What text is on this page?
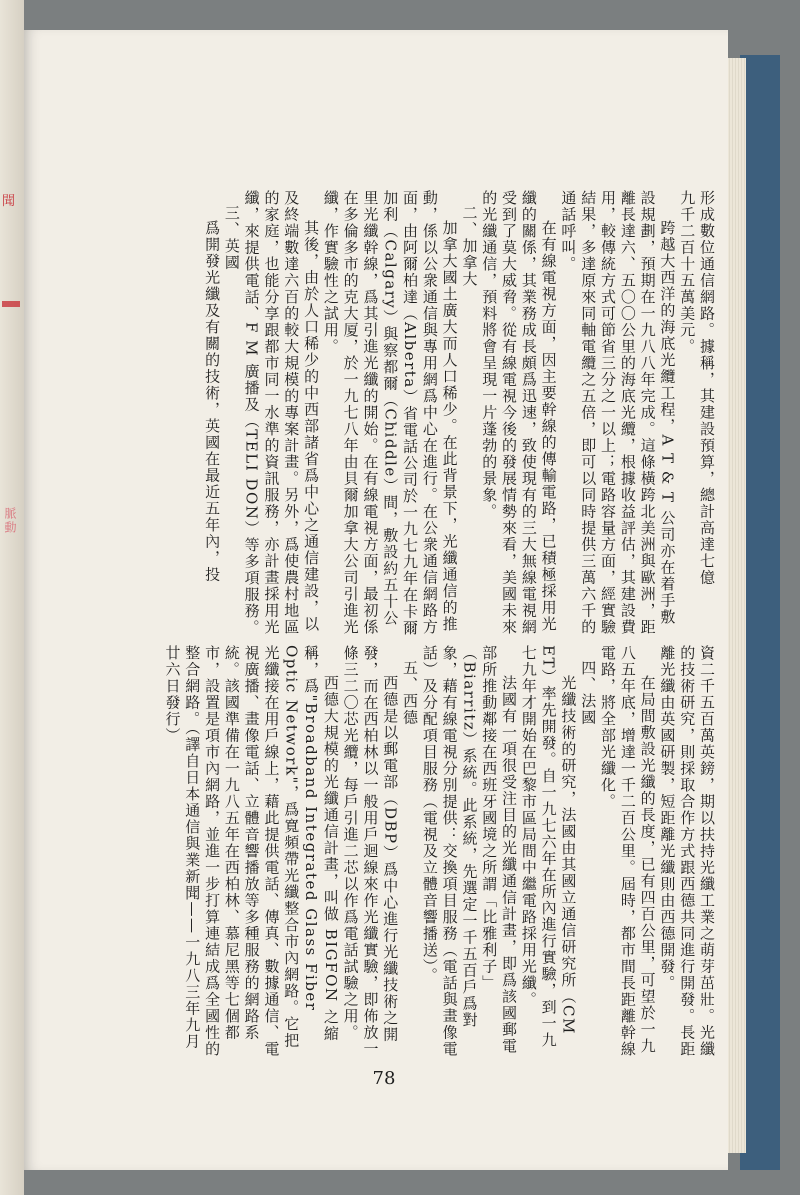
聞
脈動	形成數位通信網路。據稱，其建設預算，總計高達七億

九千二百十五萬美元。

跨越大西洋的海底光纜工程，A T & T 公司亦在着手敷設規劃，預期在一九八八年完成。這條橫跨北美洲與歐洲，距離長達六、五〇〇公里的海底光纜，根據收益評估，其建設費用，較傳統方式可節省三分之一以上；電路容量方面，經實驗結果，多達原來同軸電纜之五倍，即可以同時提供三萬六千的通話呼叫。

在有線電視方面，因主要幹線的傳輸電路，已積極採用光纖的關係，其業務成長頗爲迅速，致使現有的三大無線電視網受到了莫大威脅。從有線電視今後的發展情勢來看，美國未來的光纖通信，預料將會呈現一片蓬勃的景象。

二、加拿大

加拿大國土廣大而人口稀少。在此背景下，光纖通信的推動，係以公衆通信與專用網爲中心在進行。在公衆通信網路方面，由阿爾柏達（Alberta）省電話公司於一九七九年在卡爾加利（Calgary）與察都爾（Chiddle）間，敷設約五十公里光纖幹線，爲其引進光纖的開始。在有線電視方面，最初係在多倫多市的克大厦，於一九七八年由貝爾加拿大公司引進光纖，作實驗性之試用。

其後，由於人口稀少的中西部諸省爲中心之通信建設，以及終端數達六百的較大規模的專案計畫。另外，爲使農村地區的家庭，也能分享跟都市同一水準的資訊服務，亦計畫採用光纖，來提供電話、F M 廣播及（TELI DON）等多項服務。

三、英國

爲開發光纖及有關的技術，英國在最近五年內，投

資二千五百萬英鎊，期以扶持光纖工業之萌芽茁壯。光纖的技術研究，則採取合作方式跟西德共同進行開發。長距離光纖由英國研製，短距離光纖則由西德開發。

在局間敷設光纖的長度，已有四百公里，可望於一九八五年底，增達一千二百公里。屆時，都市間長距離幹線電路，將全部光纖化。

四、法國

光纖技術的研究，法國由其國立通信研究所（CM ET）率先開發。自一九七六年在所內進行實驗，到一九七九年才開始在巴黎市區局間中繼電路採用光纖。

法國有一項很受注目的光纖通信計畫，即爲該國郵電部所推動鄰接在西班牙國境之所謂「比雅利子」（Biarritz）系統。此系統，先選定一千五百戶爲對象，藉有線電視分別提供：交換項目服務（電話與畫像電話）及分配項目服務（電視及立體音響播送）。

五、西德

西德是以郵電部（DBP）爲中心進行光纖技術之開發，而在西柏林以一般用戶迴線來作光纖實驗，即佈放一條三二〇芯光纜，每戶引進二芯以作爲電話試驗之用。

西德大規模的光纖通信計畫，叫做 BIGFON 之縮稱，爲"Broadband Integrated Glass Fiber Optic Network"，爲寬頻帶光纖整合市內網路。它把光纖接在用戶線上，藉此提供電話、傳真、數據通信、電視廣播、畫像電話、立體音響播放等多種服務的網路系統。該國準備在一九八五年在西柏林、慕尼黑等七個都市，設置是項市內網路，並進一步打算連結成爲全國性的整合網路。（譯自日本通信與業新聞——一九八三年九月廿六日發行）

78
